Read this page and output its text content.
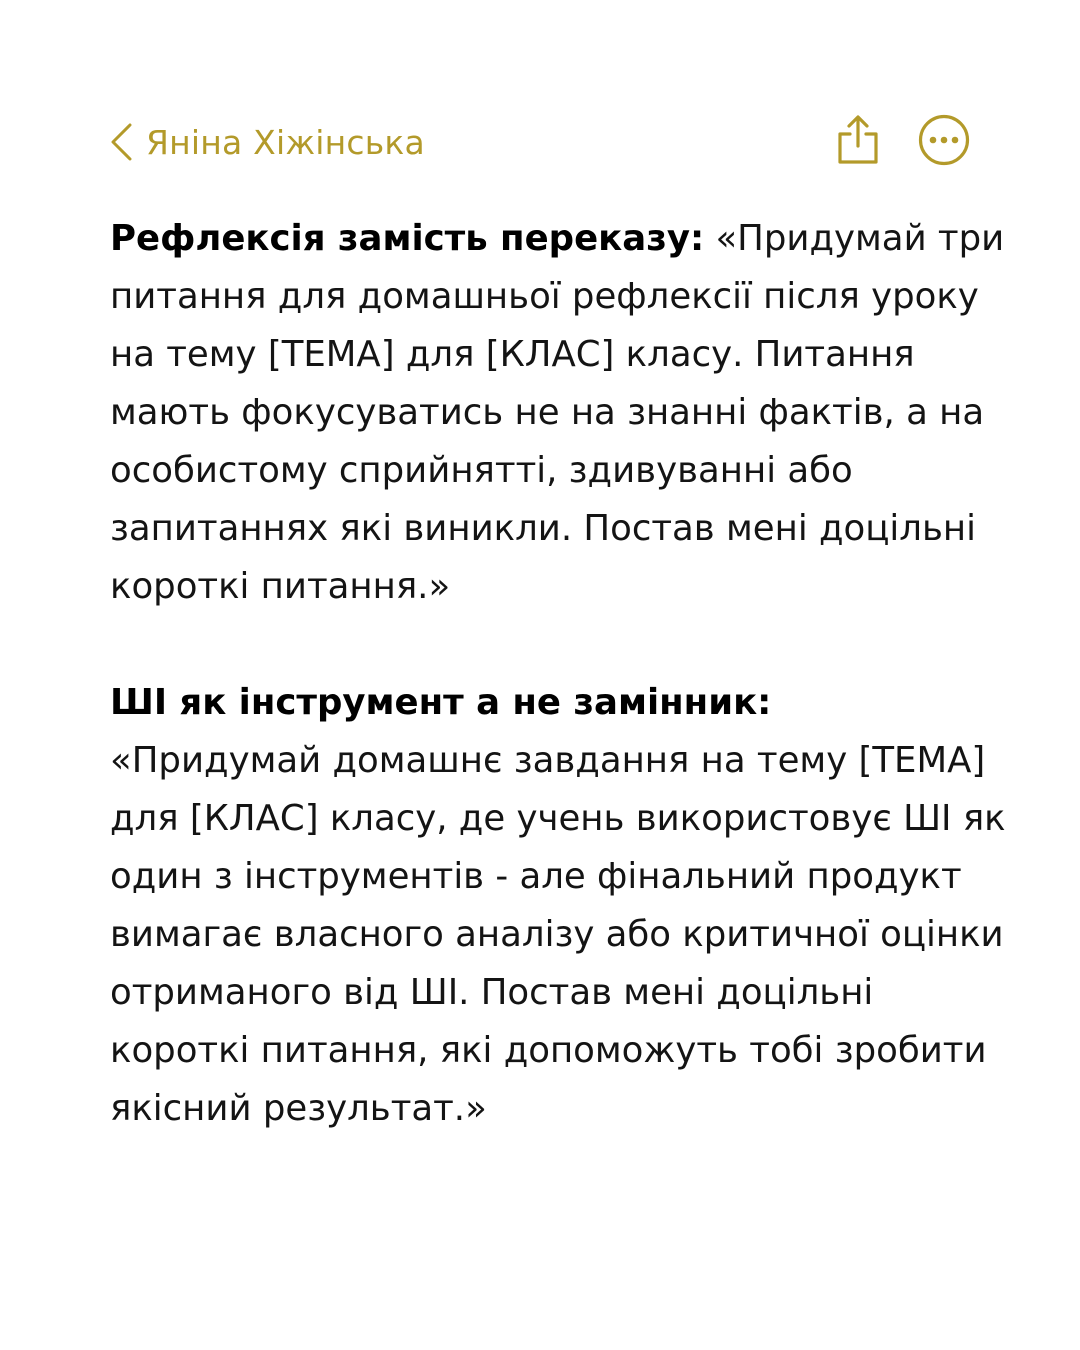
Яніна Хіжінська

Рефлексія замість переказу: «Придумай три питання для домашньої рефлексії після уроку на тему [ТЕМА] для [КЛАС] класу. Питання мають фокусуватись не на знанні фактів, а на особистому сприйнятті, здивуванні або запитаннях які виникли. Постав мені доцільні короткі питання.»

ШІ як інструмент а не замінник:
«Придумай домашнє завдання на тему [ТЕМА] для [КЛАС] класу, де учень використовує ШІ як один з інструментів - але фінальний продукт вимагає власного аналізу або критичної оцінки отриманого від ШІ. Постав мені доцільні короткі питання, які допоможуть тобі зробити якісний результат.»
